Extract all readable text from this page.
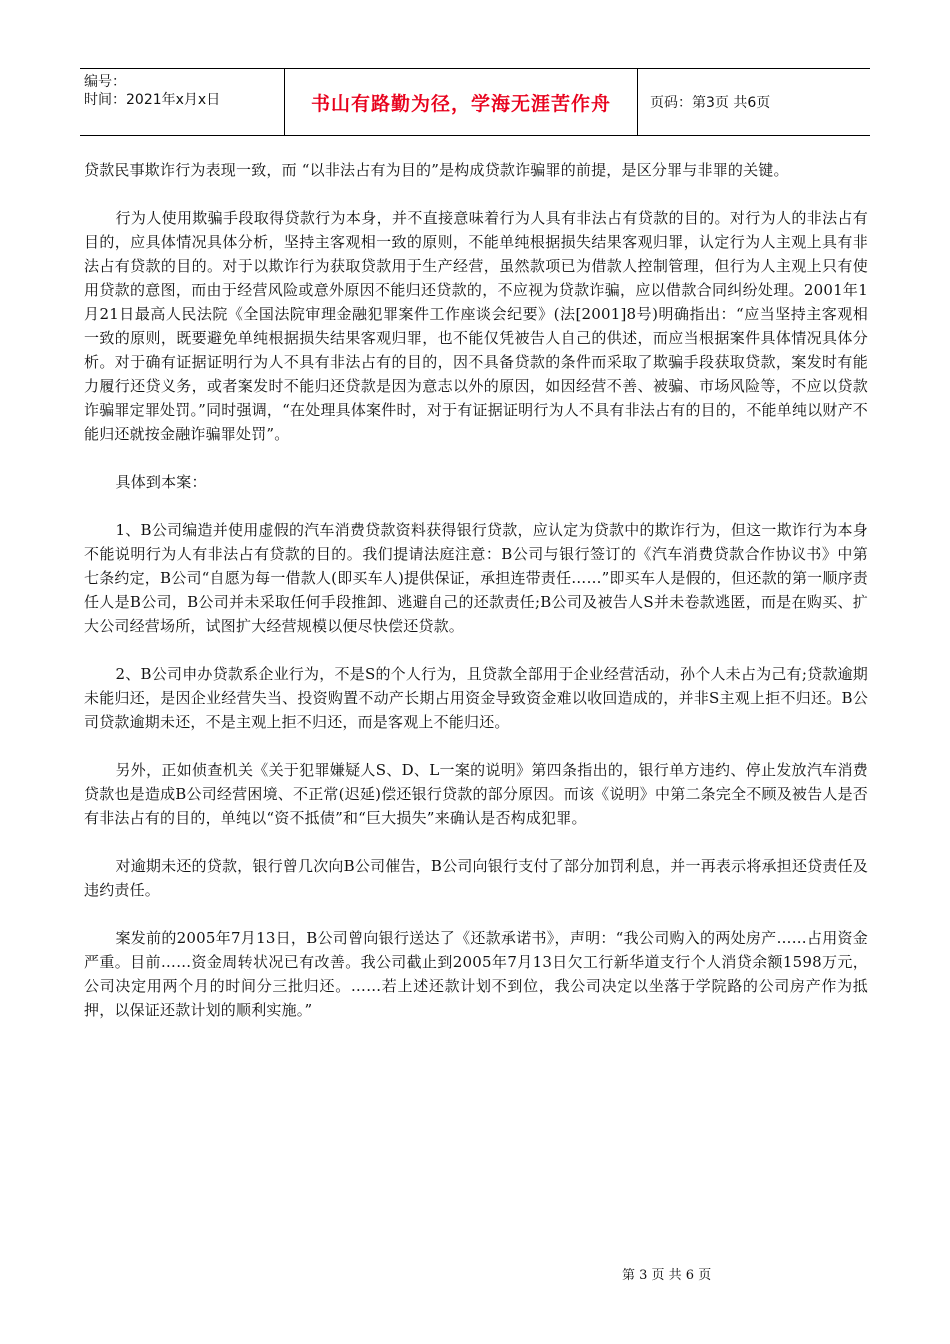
编号：
时间：2021年x月x日	书山有路勤为径，学海无涯苦作舟	页码：第3页 共6页

贷款民事欺诈行为表现一致，而 “以非法占有为目的”是构成贷款诈骗罪的前提，是区分罪与非罪的关键。

行为人使用欺骗手段取得贷款行为本身，并不直接意味着行为人具有非法占有贷款的目的。对行为人的非法占有目的，应具体情况具体分析，坚持主客观相一致的原则，不能单纯根据损失结果客观归罪，认定行为人主观上具有非法占有贷款的目的。对于以欺诈行为获取贷款用于生产经营，虽然款项已为借款人控制管理，但行为人主观上只有使用贷款的意图，而由于经营风险或意外原因不能归还贷款的，不应视为贷款诈骗，应以借款合同纠纷处理。2001年1月21日最高人民法院《全国法院审理金融犯罪案件工作座谈会纪要》(法[2001]8号)明确指出：“应当坚持主客观相一致的原则，既要避免单纯根据损失结果客观归罪，也不能仅凭被告人自己的供述，而应当根据案件具体情况具体分析。对于确有证据证明行为人不具有非法占有的目的，因不具备贷款的条件而采取了欺骗手段获取贷款，案发时有能力履行还贷义务，或者案发时不能归还贷款是因为意志以外的原因，如因经营不善、被骗、市场风险等，不应以贷款诈骗罪定罪处罚。”同时强调，“在处理具体案件时，对于有证据证明行为人不具有非法占有的目的，不能单纯以财产不能归还就按金融诈骗罪处罚”。

具体到本案：

1、B公司编造并使用虚假的汽车消费贷款资料获得银行贷款，应认定为贷款中的欺诈行为，但这一欺诈行为本身不能说明行为人有非法占有贷款的目的。我们提请法庭注意：B公司与银行签订的《汽车消费贷款合作协议书》中第七条约定，B公司“自愿为每一借款人(即买车人)提供保证，承担连带责任……”即买车人是假的，但还款的第一顺序责任人是B公司，B公司并未采取任何手段推卸、逃避自己的还款责任;B公司及被告人S并未卷款逃匿，而是在购买、扩大公司经营场所，试图扩大经营规模以便尽快偿还贷款。

2、B公司申办贷款系企业行为，不是S的个人行为，且贷款全部用于企业经营活动，孙个人未占为己有;贷款逾期未能归还，是因企业经营失当、投资购置不动产长期占用资金导致资金难以收回造成的，并非S主观上拒不归还。B公司贷款逾期未还，不是主观上拒不归还，而是客观上不能归还。

另外，正如侦查机关《关于犯罪嫌疑人S、D、L一案的说明》第四条指出的，银行单方违约、停止发放汽车消费贷款也是造成B公司经营困境、不正常(迟延)偿还银行贷款的部分原因。而该《说明》中第二条完全不顾及被告人是否有非法占有的目的，单纯以“资不抵债”和“巨大损失”来确认是否构成犯罪。

对逾期未还的贷款，银行曾几次向B公司催告，B公司向银行支付了部分加罚利息，并一再表示将承担还贷责任及违约责任。

案发前的2005年7月13日，B公司曾向银行送达了《还款承诺书》，声明：“我公司购入的两处房产……占用资金严重。目前……资金周转状况已有改善。我公司截止到2005年7月13日欠工行新华道支行个人消贷余额1598万元，公司决定用两个月的时间分三批归还。……若上述还款计划不到位，我公司决定以坐落于学院路的公司房产作为抵押，以保证还款计划的顺利实施。”

第 3 页 共 6 页
